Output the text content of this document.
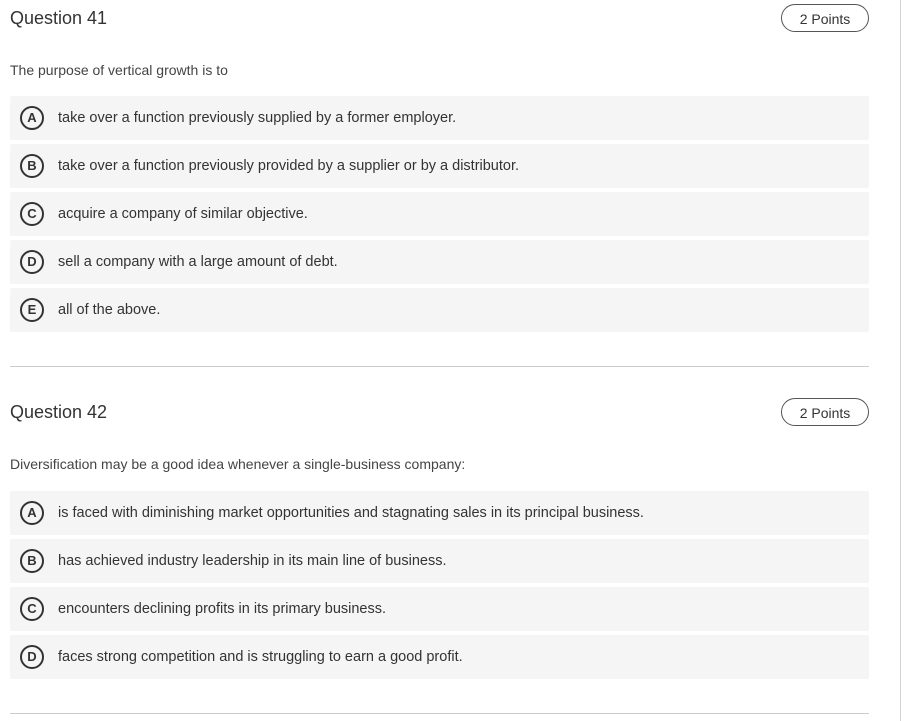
Question 41	2 Points
The purpose of vertical growth is to
A	take over a function previously supplied by a former employer.
B	take over a function previously provided by a supplier or by a distributor.
C	acquire a company of similar objective.
D	sell a company with a large amount of debt.
E	all of the above.
Question 42	2 Points
Diversification may be a good idea whenever a single-business company:
A	is faced with diminishing market opportunities and stagnating sales in its principal business.
B	has achieved industry leadership in its main line of business.
C	encounters declining profits in its primary business.
D	faces strong competition and is struggling to earn a good profit.
